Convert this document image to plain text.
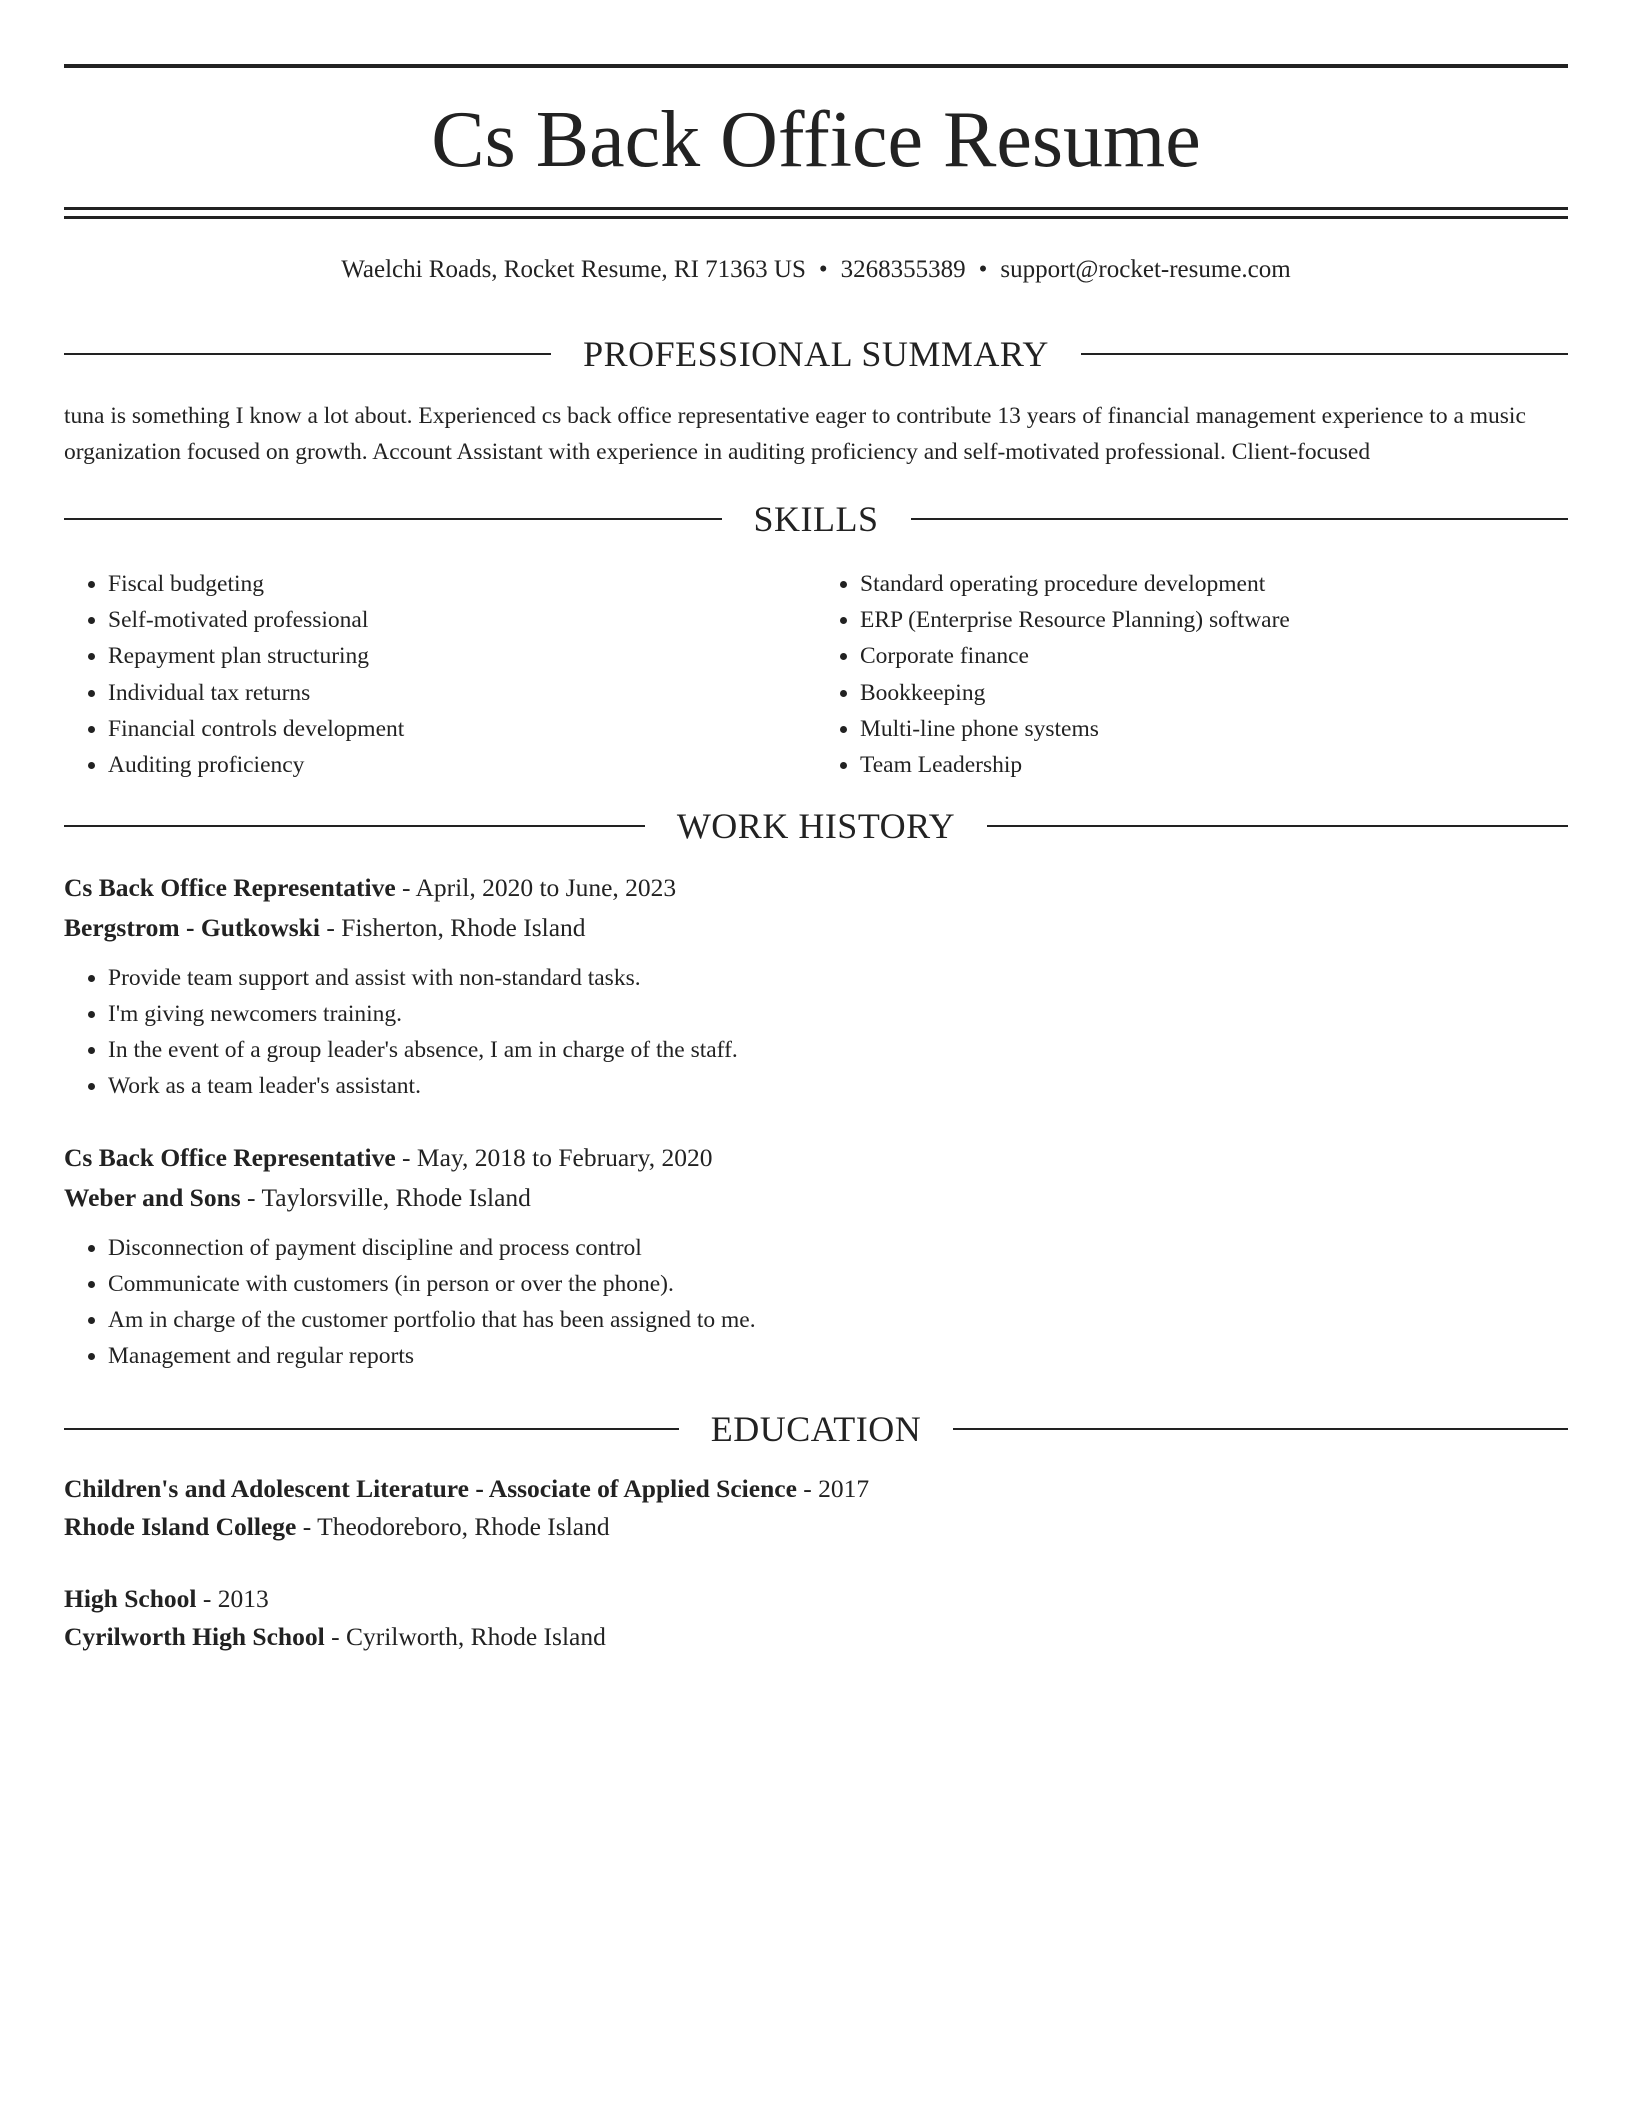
Cs Back Office Resume
Waelchi Roads, Rocket Resume, RI 71363 US • 3268355389 • support@rocket-resume.com
PROFESSIONAL SUMMARY

tuna is something I know a lot about. Experienced cs back office representative eager to contribute 13 years of financial management experience to a music organization focused on growth. Account Assistant with experience in auditing proficiency and self-motivated professional. Client-focused

SKILLS
• Fiscal budgeting
• Self-motivated professional
• Repayment plan structuring
• Individual tax returns
• Financial controls development
• Auditing proficiency
• Standard operating procedure development
• ERP (Enterprise Resource Planning) software
• Corporate finance
• Bookkeeping
• Multi-line phone systems
• Team Leadership
WORK HISTORY

Cs Back Office Representative - April, 2020 to June, 2023

Bergstrom - Gutkowski - Fisherton, Rhode Island

• Provide team support and assist with non-standard tasks.
• I'm giving newcomers training.
• In the event of a group leader's absence, I am in charge of the staff.
• Work as a team leader's assistant.

Cs Back Office Representative - May, 2018 to February, 2020

Weber and Sons - Taylorsville, Rhode Island

• Disconnection of payment discipline and process control
• Communicate with customers (in person or over the phone).
• Am in charge of the customer portfolio that has been assigned to me.
• Management and regular reports
EDUCATION

Children's and Adolescent Literature - Associate of Applied Science - 2017

Rhode Island College - Theodoreboro, Rhode Island

High School - 2013

Cyrilworth High School - Cyrilworth, Rhode Island
